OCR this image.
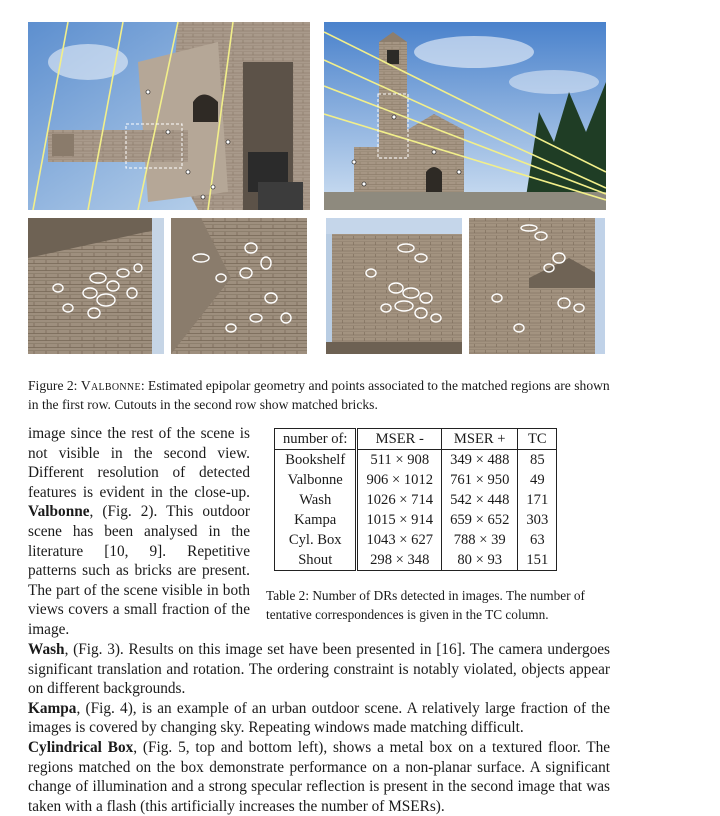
Figure 2: Valbonne: Estimated epipolar geometry and points associated to the matched regions are shown in the first row. Cutouts in the second row show matched bricks.

image since the rest of the scene is not visible in the second view. Different resolution of detected features is evident in the close-up. Valbonne, (Fig. 2). This outdoor scene has been analysed in the literature [10, 9]. Repetitive patterns such as bricks are present. The part of the scene visible in both views covers a small fraction of the image.

number of:	MSER -	MSER +	TC
Bookshelf	511 × 908	349 × 488	85
Valbonne	906 × 1012	761 × 950	49
Wash	1026 × 714	542 × 448	171
Kampa	1015 × 914	659 × 652	303
Cyl. Box	1043 × 627	788 × 39	63
Shout	298 × 348	80 × 93	151

Table 2: Number of DRs detected in images. The number of tentative correspondences is given in the TC column.

Wash, (Fig. 3). Results on this image set have been presented in [16]. The camera undergoes significant translation and rotation. The ordering constraint is notably violated, objects appear on different backgrounds.

Kampa, (Fig. 4), is an example of an urban outdoor scene. A relatively large fraction of the images is covered by changing sky. Repeating windows made matching difficult.

Cylindrical Box, (Fig. 5, top and bottom left), shows a metal box on a textured floor. The regions matched on the box demonstrate performance on a non-planar surface. A significant change of illumination and a strong specular reflection is present in the second image that was taken with a flash (this artificially increases the number of MSERs).
